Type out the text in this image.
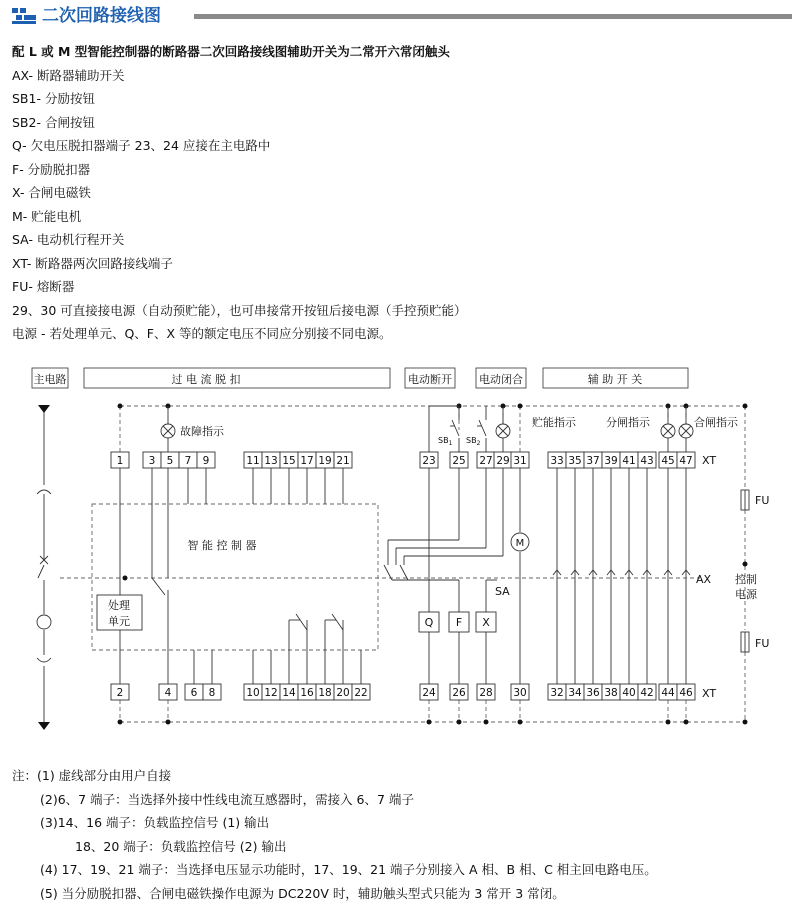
二次回路接线图
配 L 或 M 型智能控制器的断路器二次回路接线图辅助开关为二常开六常闭触头
AX- 断路器辅助开关
SB1- 分励按钮
SB2- 合闸按钮
Q- 欠电压脱扣器端子 23、24 应接在主电路中
F- 分励脱扣器
X- 合闸电磁铁
M- 贮能电机
SA- 电动机行程开关
XT- 断路器两次回路接线端子
FU- 熔断器
29、30 可直接接电源（自动预贮能），也可串接常开按钮后接电源（手控预贮能）
电源 - 若处理单元、Q、F、X 等的额定电压不同应分别接不同电源。
主电路	过 电 流 脱 扣	电动断开 电动闭合	辅 助 开 关
故障指示
贮能指示	分闸指示	合闸指示
$SB_1$ $SB_2$
AX
M
SA
Q F X
智 能 控 制 器
处理
单元
FU
FU
控制
电源
XT
XT
1 3 5 7 9	11 13 15 17 19 21	23 25 27 29 31 33 35 37 39 41 43 45 47
2	4 6 8	10 12 14 16 18 20 22	24 26 28 30 32 34 36 38 40 42 44 46
注：(1) 虚线部分由用户自接
(2)6、7 端子：当选择外接中性线电流互感器时，需接入 6、7 端子
(3)14、16 端子：负载监控信号 (1) 输出
18、20 端子：负载监控信号 (2) 输出
(4) 17、19、21 端子：当选择电压显示功能时，17、19、21 端子分别接入 A 相、B 相、C 相主回电路电压。
(5) 当分励脱扣器、合闸电磁铁操作电源为 DC220V 时，辅助触头型式只能为 3 常开 3 常闭。
